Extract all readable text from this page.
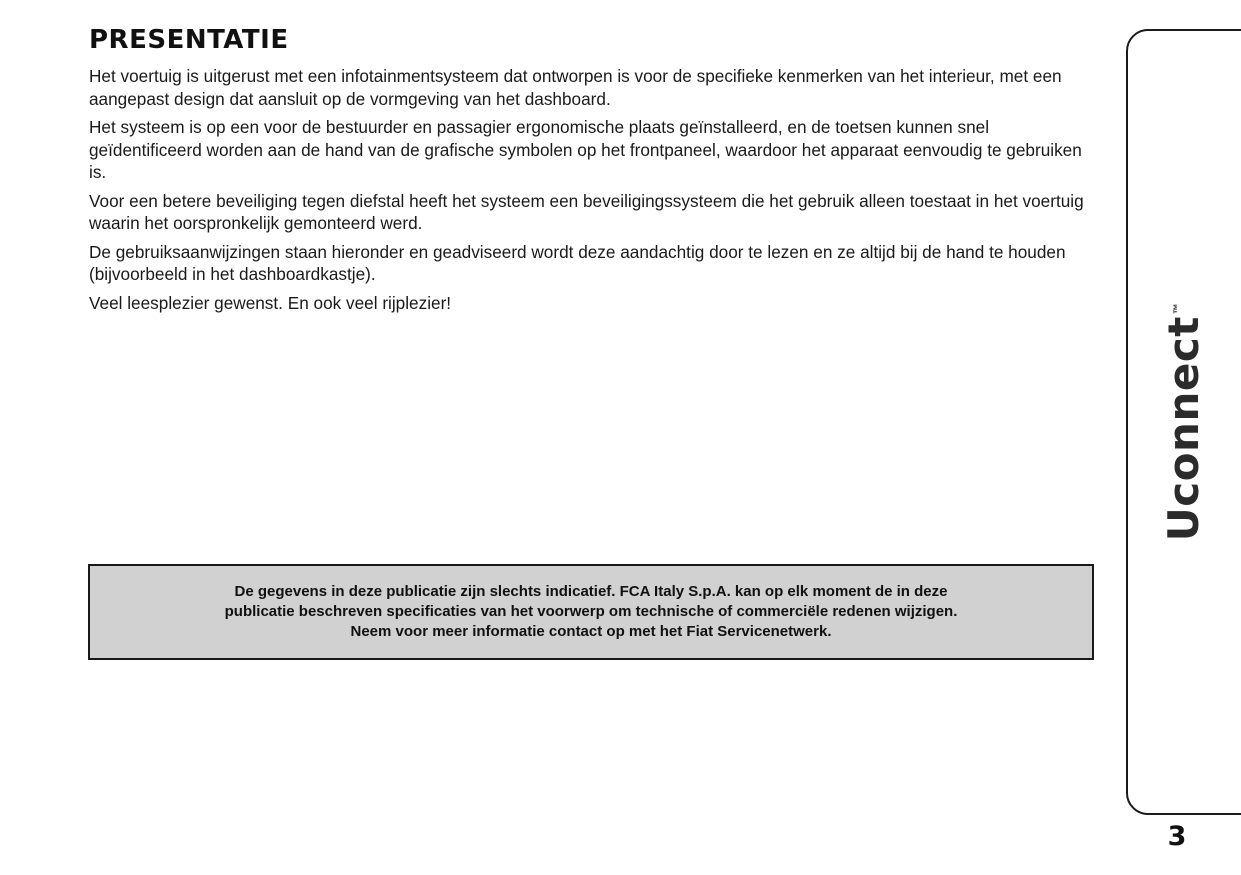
PRESENTATIE

Het voertuig is uitgerust met een infotainmentsysteem dat ontworpen is voor de specifieke kenmerken van het interieur, met een aangepast design dat aansluit op de vormgeving van het dashboard.

Het systeem is op een voor de bestuurder en passagier ergonomische plaats geïnstalleerd, en de toetsen kunnen snel geïdentificeerd worden aan de hand van de grafische symbolen op het frontpaneel, waardoor het apparaat eenvoudig te gebruiken is.

Voor een betere beveiliging tegen diefstal heeft het systeem een beveiligingssysteem die het gebruik alleen toestaat in het voertuig waarin het oorspronkelijk gemonteerd werd.

De gebruiksaanwijzingen staan hieronder en geadviseerd wordt deze aandachtig door te lezen en ze altijd bij de hand te houden (bijvoorbeeld in het dashboardkastje).

Veel leesplezier gewenst. En ook veel rijplezier!

De gegevens in deze publicatie zijn slechts indicatief. FCA Italy S.p.A. kan op elk moment de in deze
publicatie beschreven specificaties van het voorwerp om technische of commerciële redenen wijzigen.
Neem voor meer informatie contact op met het Fiat Servicenetwerk.
Uconnect™
3
